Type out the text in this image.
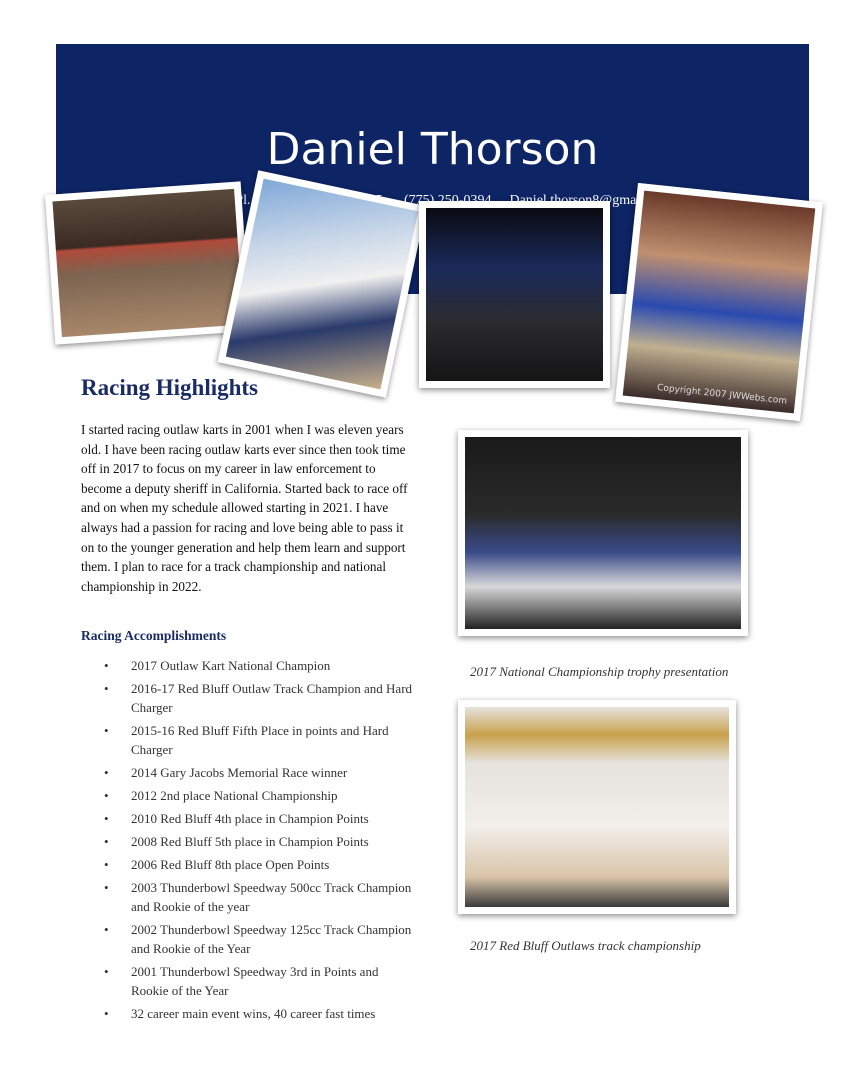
Daniel Thorson
Pl.
Copyright 2007 JWWebs.com
Racing Highlights

I started racing outlaw karts in 2001 when I was eleven years old. I have been racing outlaw karts ever since then took time off in 2017 to focus on my career in law enforcement to become a deputy sheriff in California. Started back to race off and on when my schedule allowed starting in 2021. I have always had a passion for racing and love being able to pass it on to the younger generation and help them learn and support them. I plan to race for a track championship and national championship in 2022.

2017 National Championship trophy presentation
2017 Red Bluff Outlaws track championship
Racing Accomplishments
• 2017 Outlaw Kart National Champion
• 2016-17 Red Bluff Outlaw Track Champion and Hard Charger
• 2015-16 Red Bluff Fifth Place in points and Hard Charger
• 2014 Gary Jacobs Memorial Race winner
• 2012 2nd place National Championship
• 2010 Red Bluff 4th place in Champion Points
• 2008 Red Bluff 5th place in Champion Points
• 2006 Red Bluff 8th place Open Points
• 2003 Thunderbowl Speedway 500cc Track Champion and Rookie of the year
• 2002 Thunderbowl Speedway 125cc Track Champion and Rookie of the Year
• 2001 Thunderbowl Speedway 3rd in Points and Rookie of the Year
• 32 career main event wins, 40 career fast times
